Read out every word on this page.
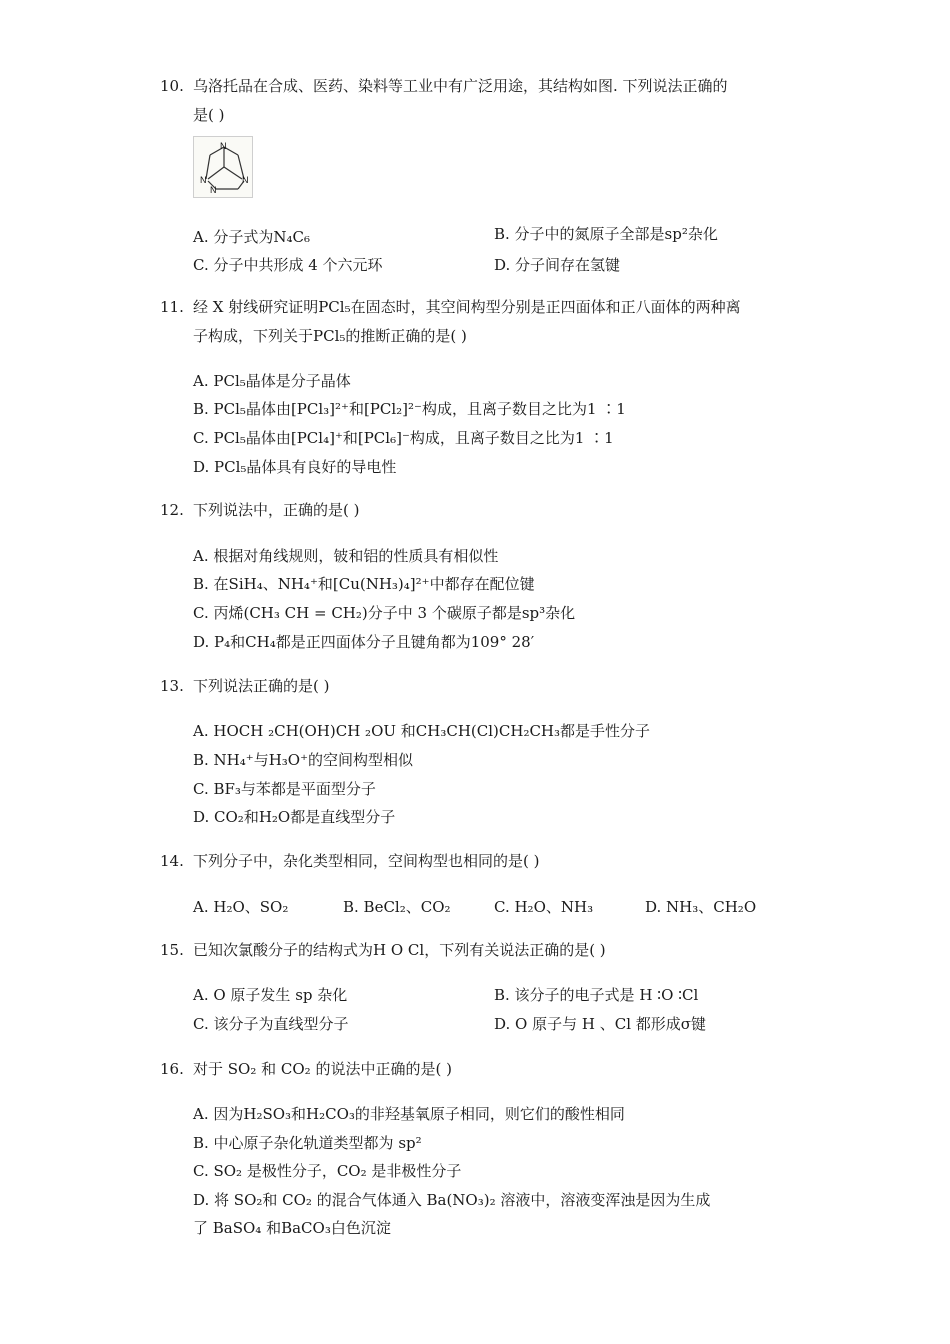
10. 乌洛托品在合成、医药、染料等工业中有广泛用途，其结构如图. 下列说法正确的
是( )
N
N	N
N
A. 分子式为N₄C₆	B. 分子中的氮原子全部是sp²杂化
C. 分子中共形成 4 个六元环	D. 分子间存在氢键
11. 经 X 射线研究证明PCl₅在固态时，其空间构型分别是正四面体和正八面体的两种离
子构成，下列关于PCl₅的推断正确的是( )
A. PCl₅晶体是分子晶体
B. PCl₅晶体由[PCl₃]²⁺和[PCl₂]²⁻构成，且离子数目之比为1 ∶1
C. PCl₅晶体由[PCl₄]⁺和[PCl₆]⁻构成，且离子数目之比为1 ∶1
D. PCl₅晶体具有良好的导电性
12. 下列说法中，正确的是( )
A. 根据对角线规则，铍和铝的性质具有相似性
B. 在SiH₄、NH₄⁺和[Cu(NH₃)₄]²⁺中都存在配位键
C. 丙烯(CH₃ CH = CH₂)分子中 3 个碳原子都是sp³杂化
D. P₄和CH₄都是正四面体分子且键角都为109° 28′
13. 下列说法正确的是( )
A. HOCH ₂CH(OH)CH ₂OU 和CH₃CH(Cl)CH₂CH₃都是手性分子
B. NH₄⁺与H₃O⁺的空间构型相似
C. BF₃与苯都是平面型分子
D. CO₂和H₂O都是直线型分子
14. 下列分子中，杂化类型相同，空间构型也相同的是( )
A. H₂O、SO₂	B. BeCl₂、CO₂	C. H₂O、NH₃	D. NH₃、CH₂O
15. 已知次氯酸分子的结构式为H O Cl，下列有关说法正确的是( )
A. O 原子发生 sp 杂化	B. 该分子的电子式是 H ∶O ∶Cl
C. 该分子为直线型分子	D. O 原子与 H 、Cl 都形成σ键
16. 对于 SO₂ 和 CO₂ 的说法中正确的是( )
A. 因为H₂SO₃和H₂CO₃的非羟基氧原子相同，则它们的酸性相同
B. 中心原子杂化轨道类型都为 sp²
C. SO₂ 是极性分子，CO₂ 是非极性分子
D. 将 SO₂和 CO₂ 的混合气体通入 Ba(NO₃)₂ 溶液中，溶液变浑浊是因为生成
了 BaSO₄ 和BaCO₃白色沉淀
